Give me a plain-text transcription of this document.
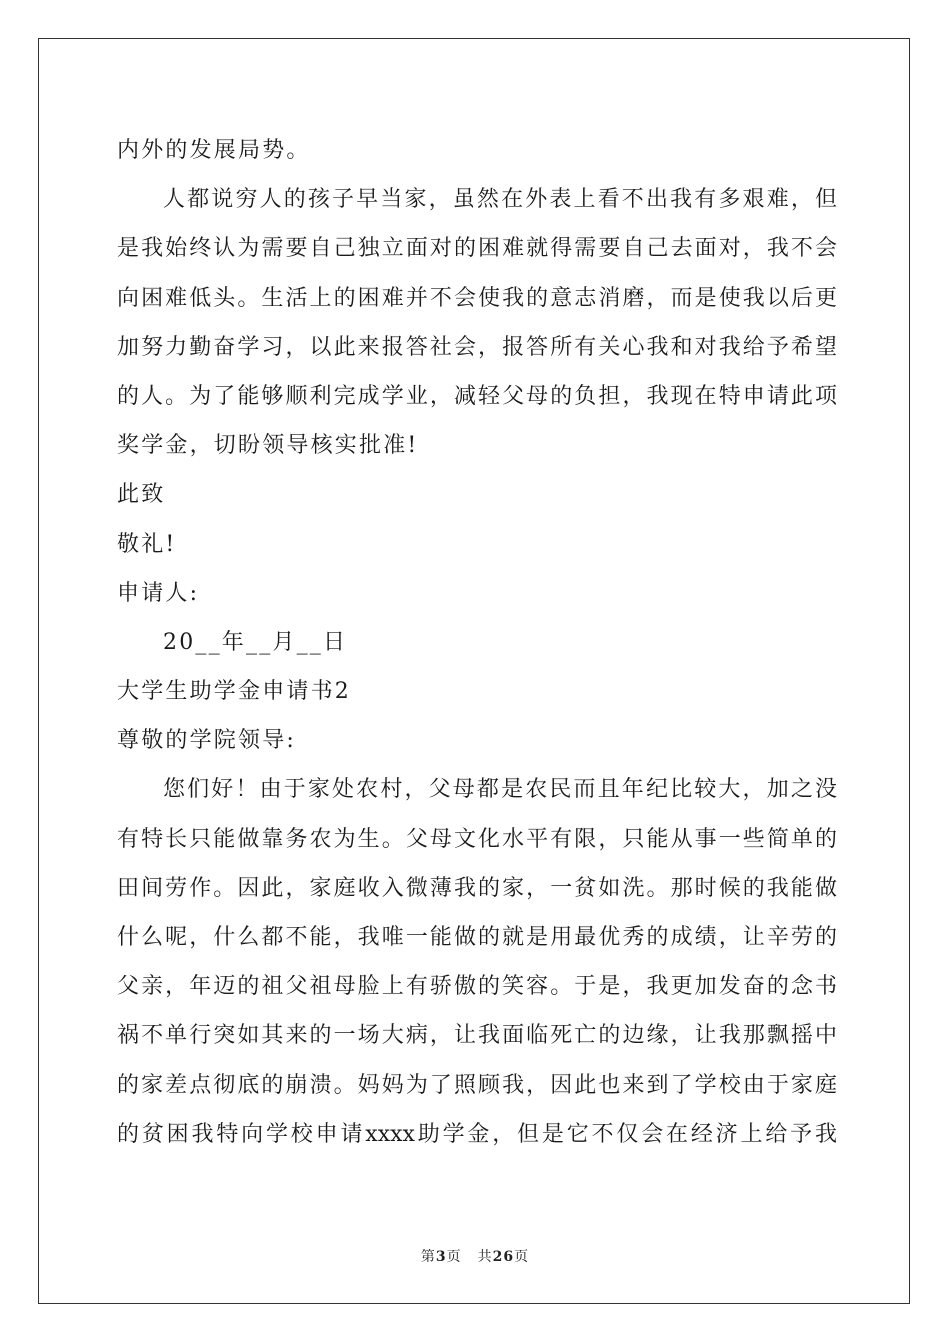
内外的发展局势。
人都说穷人的孩子早当家，虽然在外表上看不出我有多艰难，但
是我始终认为需要自己独立面对的困难就得需要自己去面对，我不会
向困难低头。生活上的困难并不会使我的意志消磨，而是使我以后更
加努力勤奋学习，以此来报答社会，报答所有关心我和对我给予希望
的人。为了能够顺利完成学业，减轻父母的负担，我现在特申请此项
奖学金，切盼领导核实批准!
此致
敬礼!
申请人:
20__年__月__日
大学生助学金申请书2
尊敬的学院领导:
您们好！由于家处农村，父母都是农民而且年纪比较大，加之没
有特长只能做靠务农为生。父母文化水平有限，只能从事一些简单的
田间劳作。因此，家庭收入微薄我的家，一贫如洗。那时候的我能做
什么呢，什么都不能，我唯一能做的就是用最优秀的成绩，让辛劳的
父亲，年迈的祖父祖母脸上有骄傲的笑容。于是，我更加发奋的念书
祸不单行突如其来的一场大病，让我面临死亡的边缘，让我那飘摇中
的家差点彻底的崩溃。妈妈为了照顾我，因此也来到了学校由于家庭
的贫困我特向学校申请xxxx助学金，但是它不仅会在经济上给予我
第3页 共26页
